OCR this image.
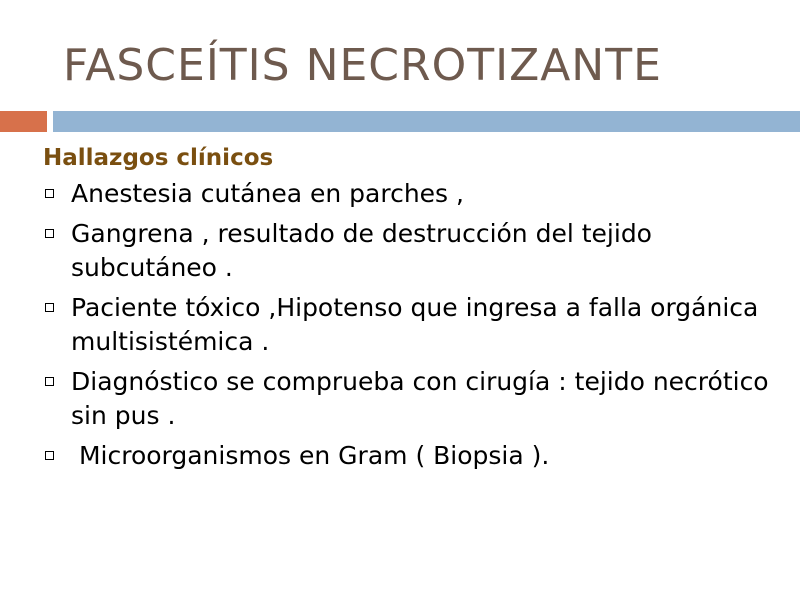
FASCEÍTIS NECROTIZANTE
Hallazgos clínicos
Anestesia cutánea en parches ,
Gangrena , resultado de destrucción del tejido subcutáneo .
Paciente tóxico ,Hipotenso que ingresa a falla orgánica multisistémica .
Diagnóstico se comprueba con cirugía : tejido necrótico sin pus .
Microorganismos en Gram ( Biopsia ).
